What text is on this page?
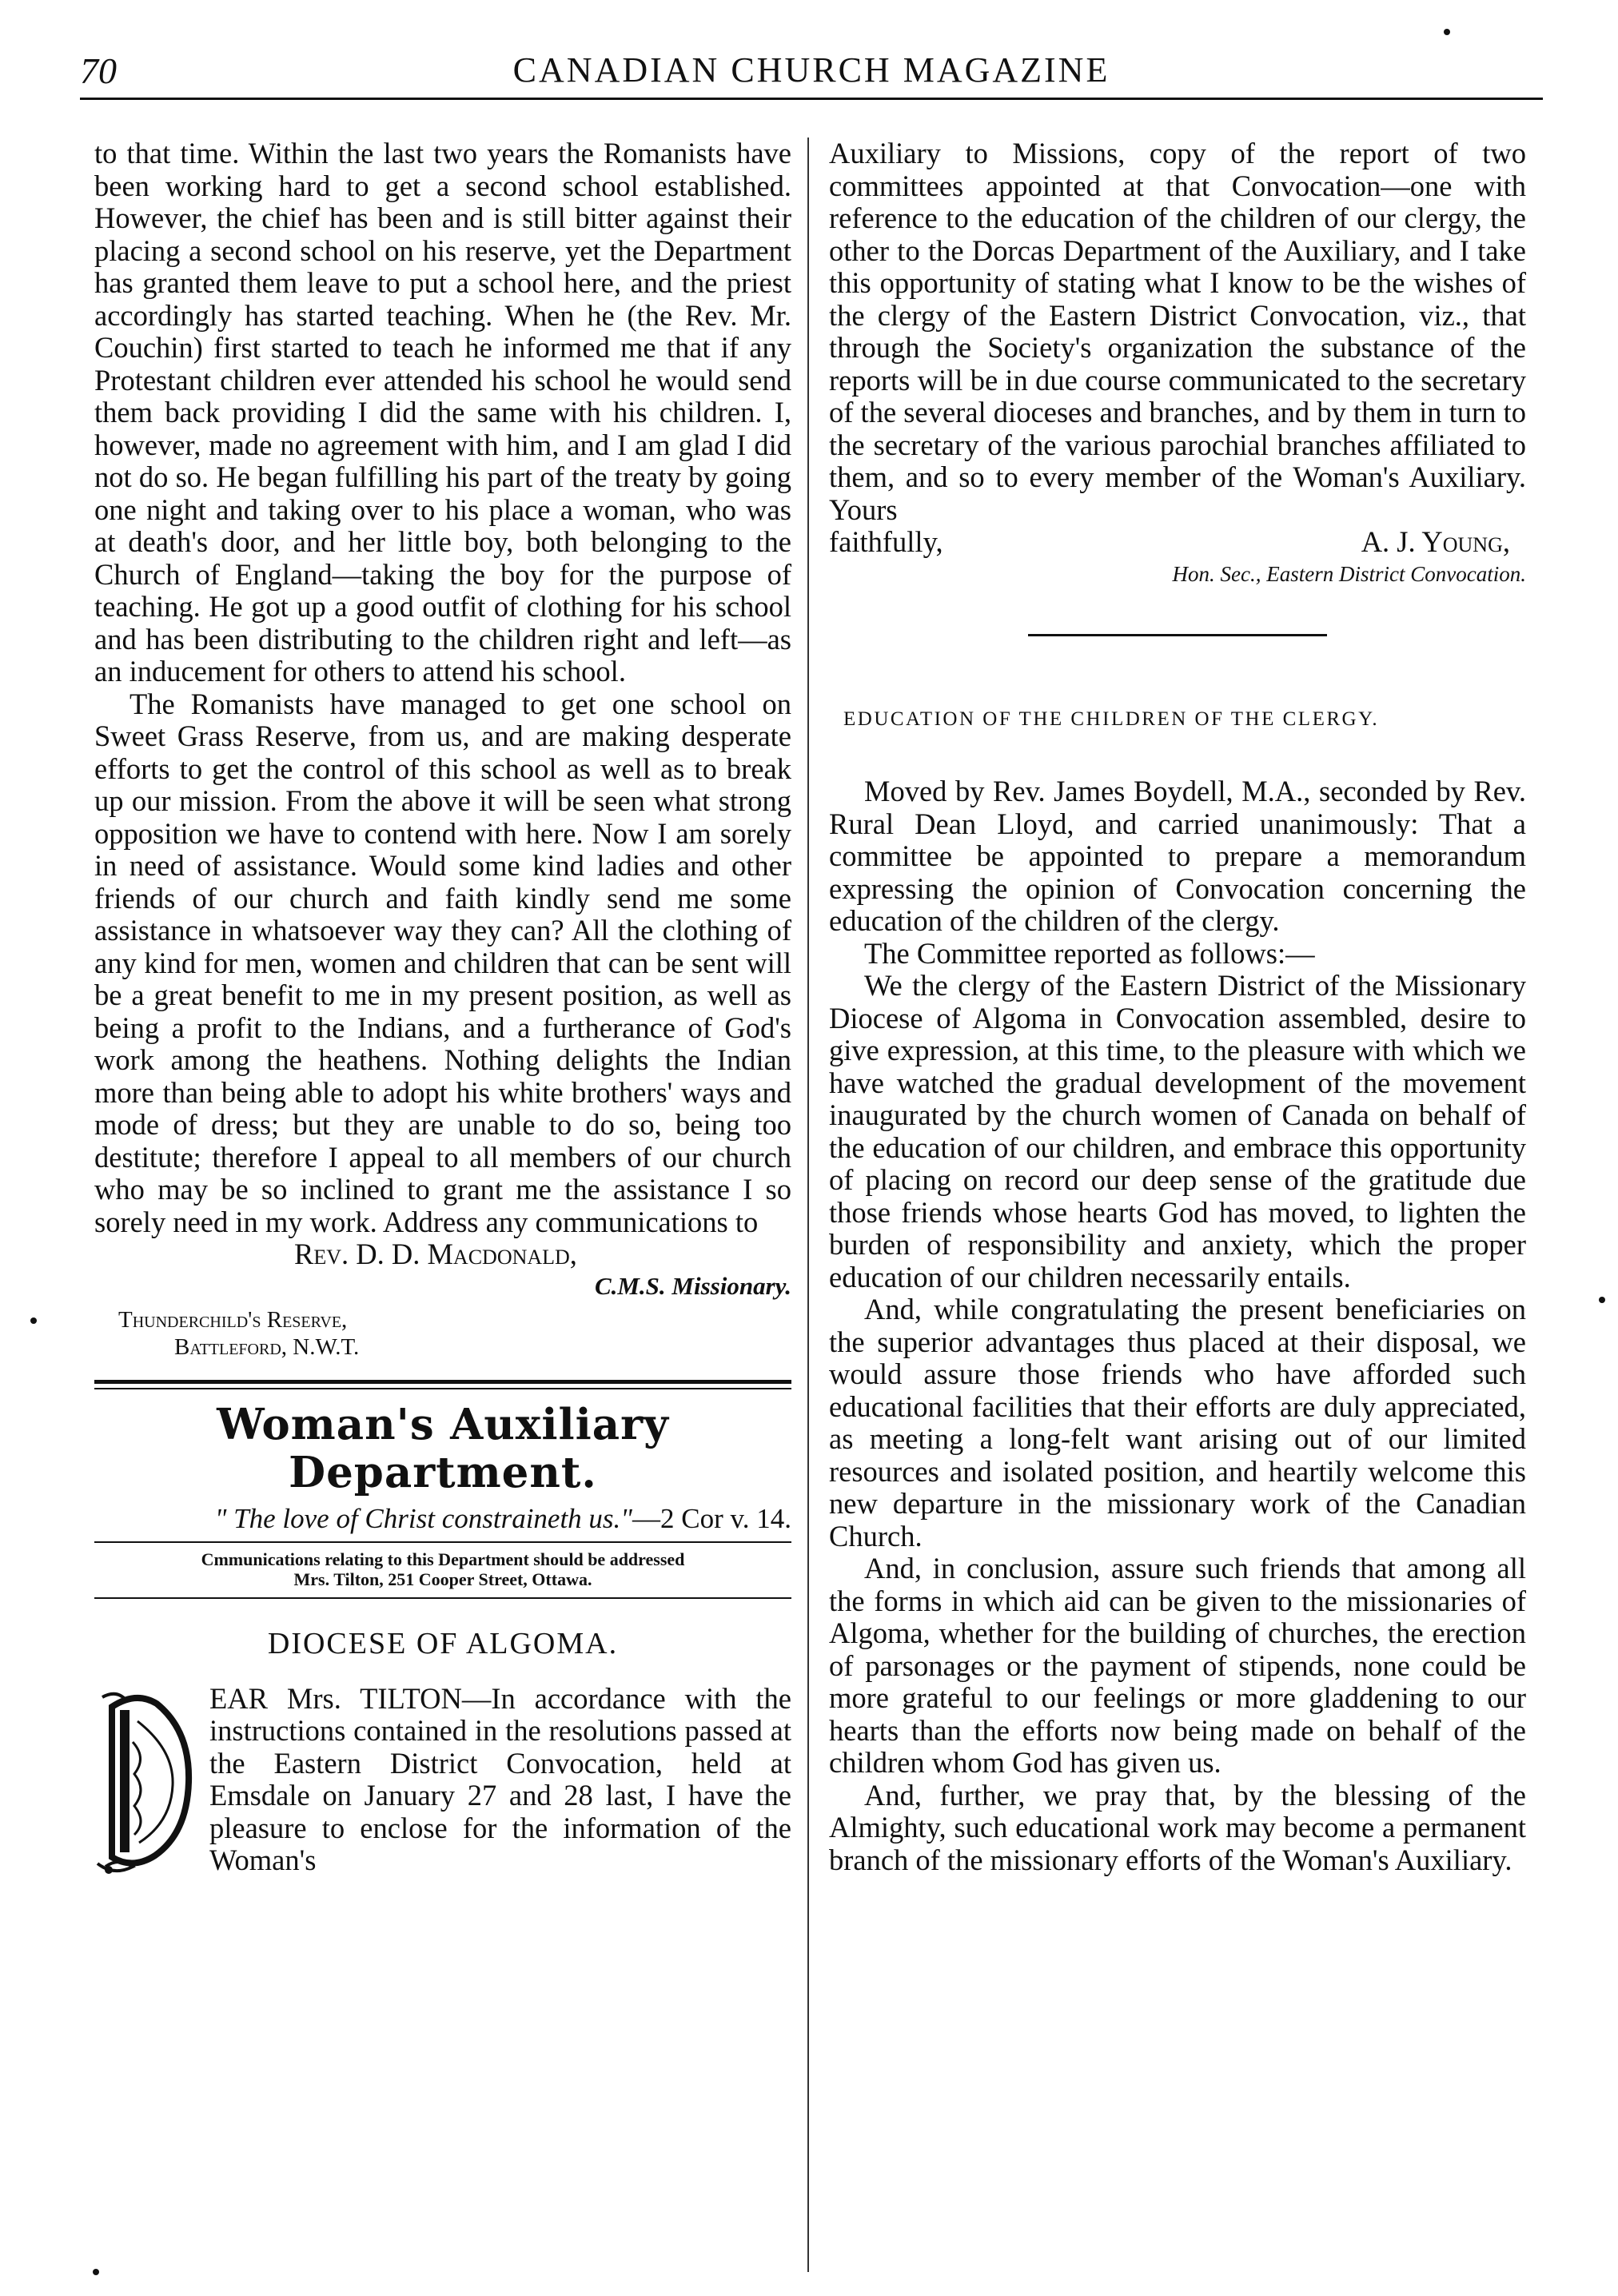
70	CANADIAN CHURCH MAGAZINE

to that time. Within the last two years the Romanists have been working hard to get a second school established. However, the chief has been and is still bitter against their placing a second school on his reserve, yet the Department has granted them leave to put a school here, and the priest accordingly has started teaching. When he (the Rev. Mr. Couchin) first started to teach he informed me that if any Protestant children ever attended his school he would send them back providing I did the same with his children. I, however, made no agreement with him, and I am glad I did not do so. He began fulfilling his part of the treaty by going one night and taking over to his place a woman, who was at death's door, and her little boy, both belonging to the Church of England—taking the boy for the purpose of teaching. He got up a good outfit of clothing for his school and has been distributing to the children right and left—as an inducement for others to attend his school.

The Romanists have managed to get one school on Sweet Grass Reserve, from us, and are making desperate efforts to get the control of this school as well as to break up our mission. From the above it will be seen what strong opposition we have to contend with here. Now I am sorely in need of assistance. Would some kind ladies and other friends of our church and faith kindly send me some assistance in whatsoever way they can? All the clothing of any kind for men, women and children that can be sent will be a great benefit to me in my present position, as well as being a profit to the Indians, and a furtherance of God's work among the heathens. Nothing delights the Indian more than being able to adopt his white brothers' ways and mode of dress; but they are unable to do so, being too destitute; therefore I appeal to all members of our church who may be so inclined to grant me the assistance I so sorely need in my work. Address any communications to

Rev. D. D. Macdonald,

C.M.S. Missionary.

Thunderchild's Reserve,
Battleford, N.W.T.
Woman's Auxiliary Department.
" The love of Christ constraineth us."—2 Cor v. 14.
Cmmunications relating to this Department should be addressed
Mrs. Tilton, 251 Cooper Street, Ottawa.
DIOCESE OF ALGOMA.

EAR Mrs. TILTON—In accordance with the instructions contained in the resolutions passed at the Eastern District Convocation, held at Emsdale on January 27 and 28 last, I have the pleasure to enclose for the information of the Woman's

Auxiliary to Missions, copy of the report of two committees appointed at that Convocation—one with reference to the education of the children of our clergy, the other to the Dorcas Department of the Auxiliary, and I take this opportunity of stating what I know to be the wishes of the clergy of the Eastern District Convocation, viz., that through the Society's organization the substance of the reports will be in due course communicated to the secretary of the several dioceses and branches, and by them in turn to the secretary of the various parochial branches affiliated to them, and so to every member of the Woman's Auxiliary. Yours

faithfully,	A. J. Young,

Hon. Sec., Eastern District Convocation.

EDUCATION OF THE CHILDREN OF THE CLERGY.

Moved by Rev. James Boydell, M.A., seconded by Rev. Rural Dean Lloyd, and carried unanimously: That a committee be appointed to prepare a memorandum expressing the opinion of Convocation concerning the education of the children of the clergy.

The Committee reported as follows:—

We the clergy of the Eastern District of the Missionary Diocese of Algoma in Convocation assembled, desire to give expression, at this time, to the pleasure with which we have watched the gradual development of the movement inaugurated by the church women of Canada on behalf of the education of our children, and embrace this opportunity of placing on record our deep sense of the gratitude due those friends whose hearts God has moved, to lighten the burden of responsibility and anxiety, which the proper education of our children necessarily entails.

And, while congratulating the present beneficiaries on the superior advantages thus placed at their disposal, we would assure those friends who have afforded such educational facilities that their efforts are duly appreciated, as meeting a long-felt want arising out of our limited resources and isolated position, and heartily welcome this new departure in the missionary work of the Canadian Church.

And, in conclusion, assure such friends that among all the forms in which aid can be given to the missionaries of Algoma, whether for the building of churches, the erection of parsonages or the payment of stipends, none could be more grateful to our feelings or more gladdening to our hearts than the efforts now being made on behalf of the children whom God has given us.

And, further, we pray that, by the blessing of the Almighty, such educational work may become a permanent branch of the missionary efforts of the Woman's Auxiliary.
